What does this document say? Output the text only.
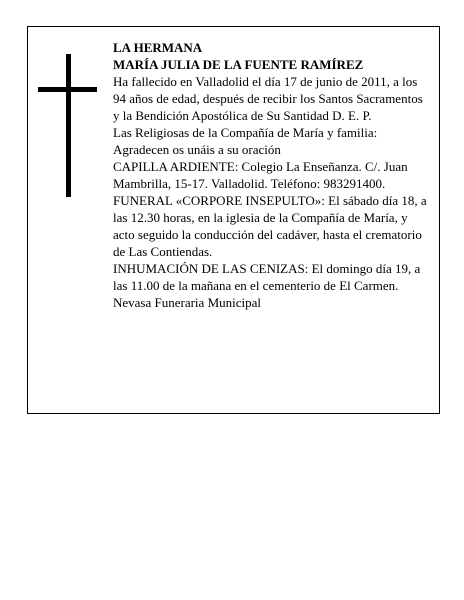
LA HERMANA

MARÍA JULIA DE LA FUENTE RAMÍREZ

Ha fallecido en Valladolid el día 17 de junio de 2011, a los 94 años de edad, después de recibir los Santos Sacramentos y la Bendición Apostólica de Su Santidad D. E. P.

Las Religiosas de la Compañía de María y familia:

Agradecen os unáis a su oración

CAPILLA ARDIENTE: Colegio La Enseñanza. C/. Juan Mambrilla, 15-17. Valladolid. Teléfono: 983291400.

FUNERAL «CORPORE INSEPULTO»: El sábado día 18, a las 12.30 horas, en la iglesia de la Compañía de María, y acto seguido la conducción del cadáver, hasta el crematorio de Las Contiendas.

INHUMACIÓN DE LAS CENIZAS: El domingo día 19, a las 11.00 de la mañana en el cementerio de El Carmen.

Nevasa Funeraria Municipal
